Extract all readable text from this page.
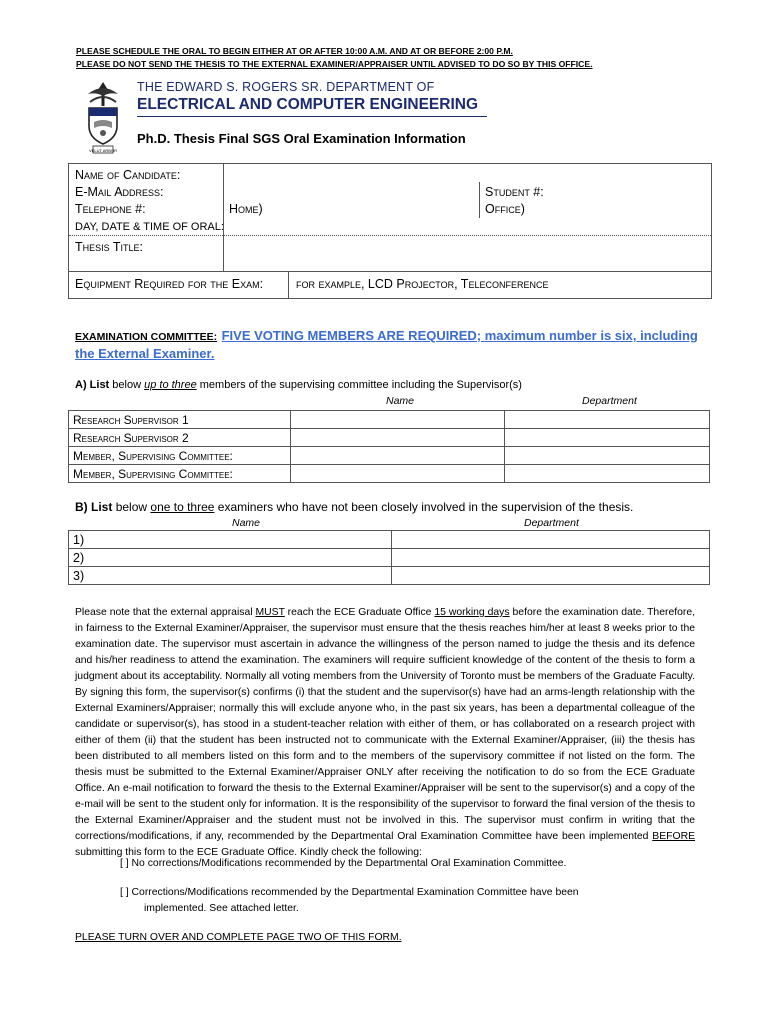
PLEASE SCHEDULE THE ORAL TO BEGIN EITHER AT OR AFTER 10:00 A.M. AND AT OR BEFORE 2:00 P.M.
PLEASE DO NOT SEND THE THESIS TO THE EXTERNAL EXAMINER/APPRAISER UNTIL ADVISED TO DO SO BY THIS OFFICE.
VELUT ARBOR
THE EDWARD S. ROGERS SR. DEPARTMENT OF
ELECTRICAL AND COMPUTER ENGINEERING
Ph.D. Thesis Final SGS Oral Examination Information
Name of Candidate:
E-Mail Address:	Student #:
Telephone #:	Home)	Office)
DAY, DATE & TIME OF ORAL:
Thesis Title:
Equipment Required for the Exam:	for example, LCD Projector, Teleconference
EXAMINATION COMMITTEE: FIVE VOTING MEMBERS ARE REQUIRED; maximum number is six, including the External Examiner.
A) List below up to three members of the supervising committee including the Supervisor(s)
Name	Department
Research Supervisor 1		
Research Supervisor 2		
Member, Supervising Committee:		
Member, Supervising Committee:		
B) List below one to three examiners who have not been closely involved in the supervision of the thesis.
Name	Department
1)	
2)	
3)	
Please note that the external appraisal MUST reach the ECE Graduate Office 15 working days before the examination date. Therefore, in fairness to the External Examiner/Appraiser, the supervisor must ensure that the thesis reaches him/her at least 8 weeks prior to the examination date. The supervisor must ascertain in advance the willingness of the person named to judge the thesis and its defence and his/her readiness to attend the examination. The examiners will require sufficient knowledge of the content of the thesis to form a judgment about its acceptability. Normally all voting members from the University of Toronto must be members of the Graduate Faculty. By signing this form, the supervisor(s) confirms (i) that the student and the supervisor(s) have had an arms-length relationship with the External Examiners/Appraiser; normally this will exclude anyone who, in the past six years, has been a departmental colleague of the candidate or supervisor(s), has stood in a student-teacher relation with either of them, or has collaborated on a research project with either of them (ii) that the student has been instructed not to communicate with the External Examiner/Appraiser, (iii) the thesis has been distributed to all members listed on this form and to the members of the supervisory committee if not listed on the form. The thesis must be submitted to the External Examiner/Appraiser ONLY after receiving the notification to do so from the ECE Graduate Office. An e-mail notification to forward the thesis to the External Examiner/Appraiser will be sent to the supervisor(s) and a copy of the e-mail will be sent to the student only for information. It is the responsibility of the supervisor to forward the final version of the thesis to the External Examiner/Appraiser and the student must not be involved in this. The supervisor must confirm in writing that the corrections/modifications, if any, recommended by the Departmental Oral Examination Committee have been implemented BEFORE submitting this form to the ECE Graduate Office. Kindly check the following:
[ ] No corrections/Modifications recommended by the Departmental Oral Examination Committee.
[ ] Corrections/Modifications recommended by the Departmental Examination Committee have been
implemented. See attached letter.
PLEASE TURN OVER AND COMPLETE PAGE TWO OF THIS FORM.
